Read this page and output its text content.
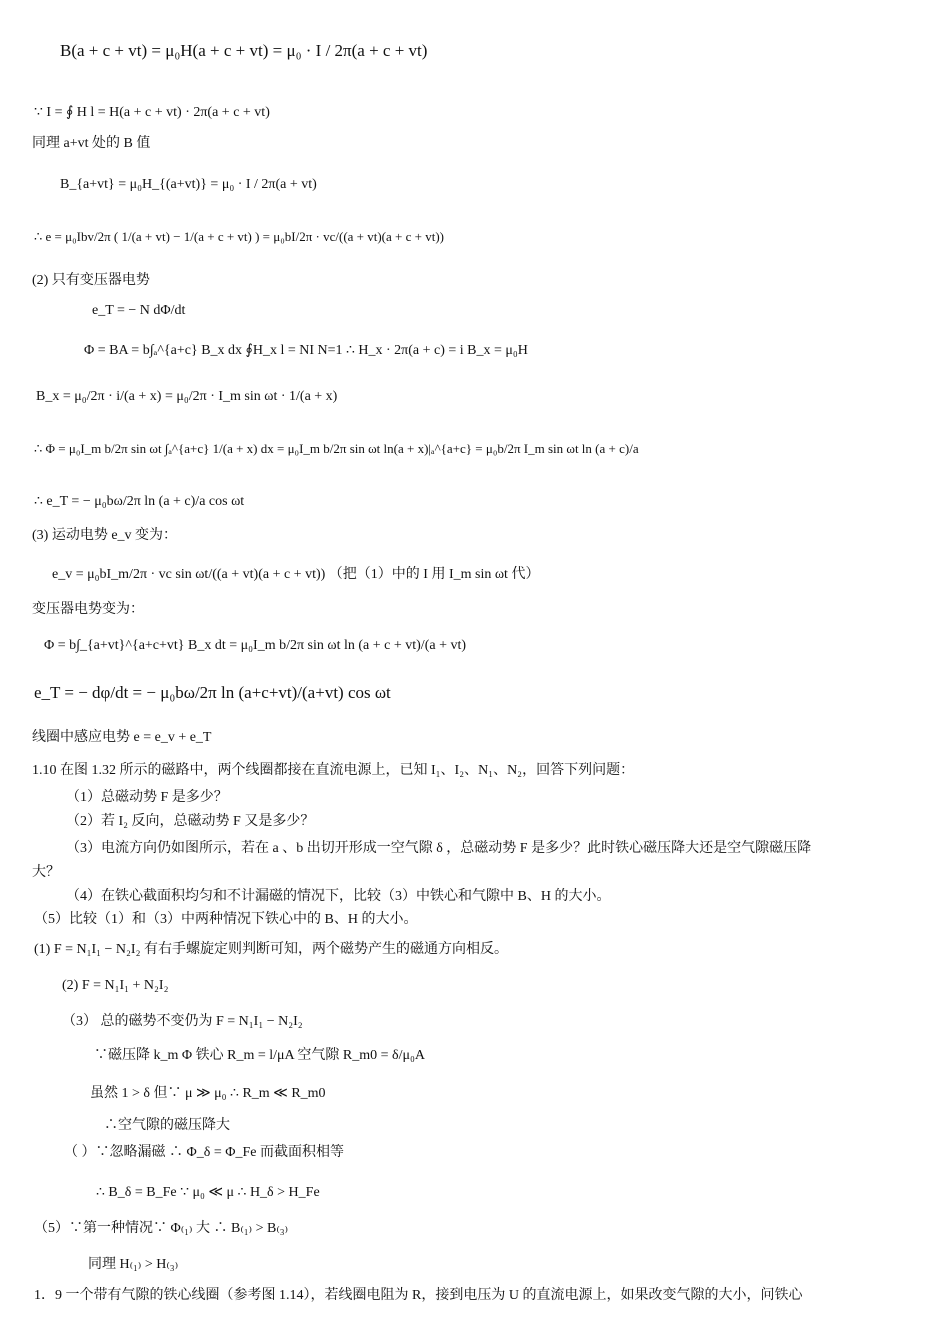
B(a + c + vt) = μ₀H(a + c + vt) = μ₀ · I / 2π(a + c + vt)
∵ I = ∮ H l = H(a + c + vt) · 2π(a + c + vt)
同理 a+vt 处的 B 值
B_{a+vt} = μ₀H_{(a+vt)} = μ₀ · I / 2π(a + vt)
∴ e = μ₀Ibv/2π ( 1/(a + vt) − 1/(a + c + vt) ) = μ₀bI/2π · vc/((a + vt)(a + c + vt))
(2) 只有变压器电势
e_T = − N dΦ/dt
Φ = BA = b∫ₐ^{a+c} B_x dx ∮H_x l = NI N=1 ∴ H_x · 2π(a + c) = i B_x = μ₀H
B_x = μ₀/2π · i/(a + x) = μ₀/2π · I_m sin ωt · 1/(a + x)
∴ Φ = μ₀I_m b/2π sin ωt ∫ₐ^{a+c} 1/(a + x) dx = μ₀I_m b/2π sin ωt ln(a + x)|ₐ^{a+c} = μ₀b/2π I_m sin ωt ln (a + c)/a
∴ e_T = − μ₀bω/2π ln (a + c)/a cos ωt
(3) 运动电势 e_v 变为：
e_v = μ₀bI_m/2π · vc sin ωt/((a + vt)(a + c + vt)) （把（1）中的 I 用 I_m sin ωt 代）
变压器电势变为：
Φ = b∫_{a+vt}^{a+c+vt} B_x dt = μ₀I_m b/2π sin ωt ln (a + c + vt)/(a + vt)
e_T = − dφ/dt = − μ₀bω/2π ln (a+c+vt)/(a+vt) cos ωt
线圈中感应电势 e = e_v + e_T
1.10 在图 1.32 所示的磁路中，两个线圈都接在直流电源上，已知 I₁、I₂、N₁、N₂，回答下列问题：
（1）总磁动势 F 是多少？
（2）若 I₂ 反向，总磁动势 F 又是多少？
（3）电流方向仍如图所示，若在 a 、b 出切开形成一空气隙 δ ，总磁动势 F 是多少？此时铁心磁压降大还是空气隙磁压降
大？
（4）在铁心截面积均匀和不计漏磁的情况下，比较（3）中铁心和气隙中 B、H 的大小。
（5）比较（1）和（3）中两种情况下铁心中的 B、H 的大小。
(1) F = N₁I₁ − N₂I₂ 有右手螺旋定则判断可知，两个磁势产生的磁通方向相反。
(2) F = N₁I₁ + N₂I₂
（3） 总的磁势不变仍为 F = N₁I₁ − N₂I₂
∵磁压降 k_m Φ 铁心 R_m = l/μA 空气隙 R_m0 = δ/μ₀A
虽然 1 > δ 但∵ μ ≫ μ₀ ∴ R_m ≪ R_m0
∴空气隙的磁压降大
（ ）∵忽略漏磁 ∴ Φ_δ = Φ_Fe 而截面积相等
∴ B_δ = B_Fe ∵ μ₀ ≪ μ ∴ H_δ > H_Fe
（5）∵第一种情况∵ Φ₍₁₎ 大 ∴ B₍₁₎ > B₍₃₎
同理 H₍₁₎ > H₍₃₎
1．9 一个带有气隙的铁心线圈（参考图 1.14），若线圈电阻为 R，接到电压为 U 的直流电源上，如果改变气隙的大小，问铁心
